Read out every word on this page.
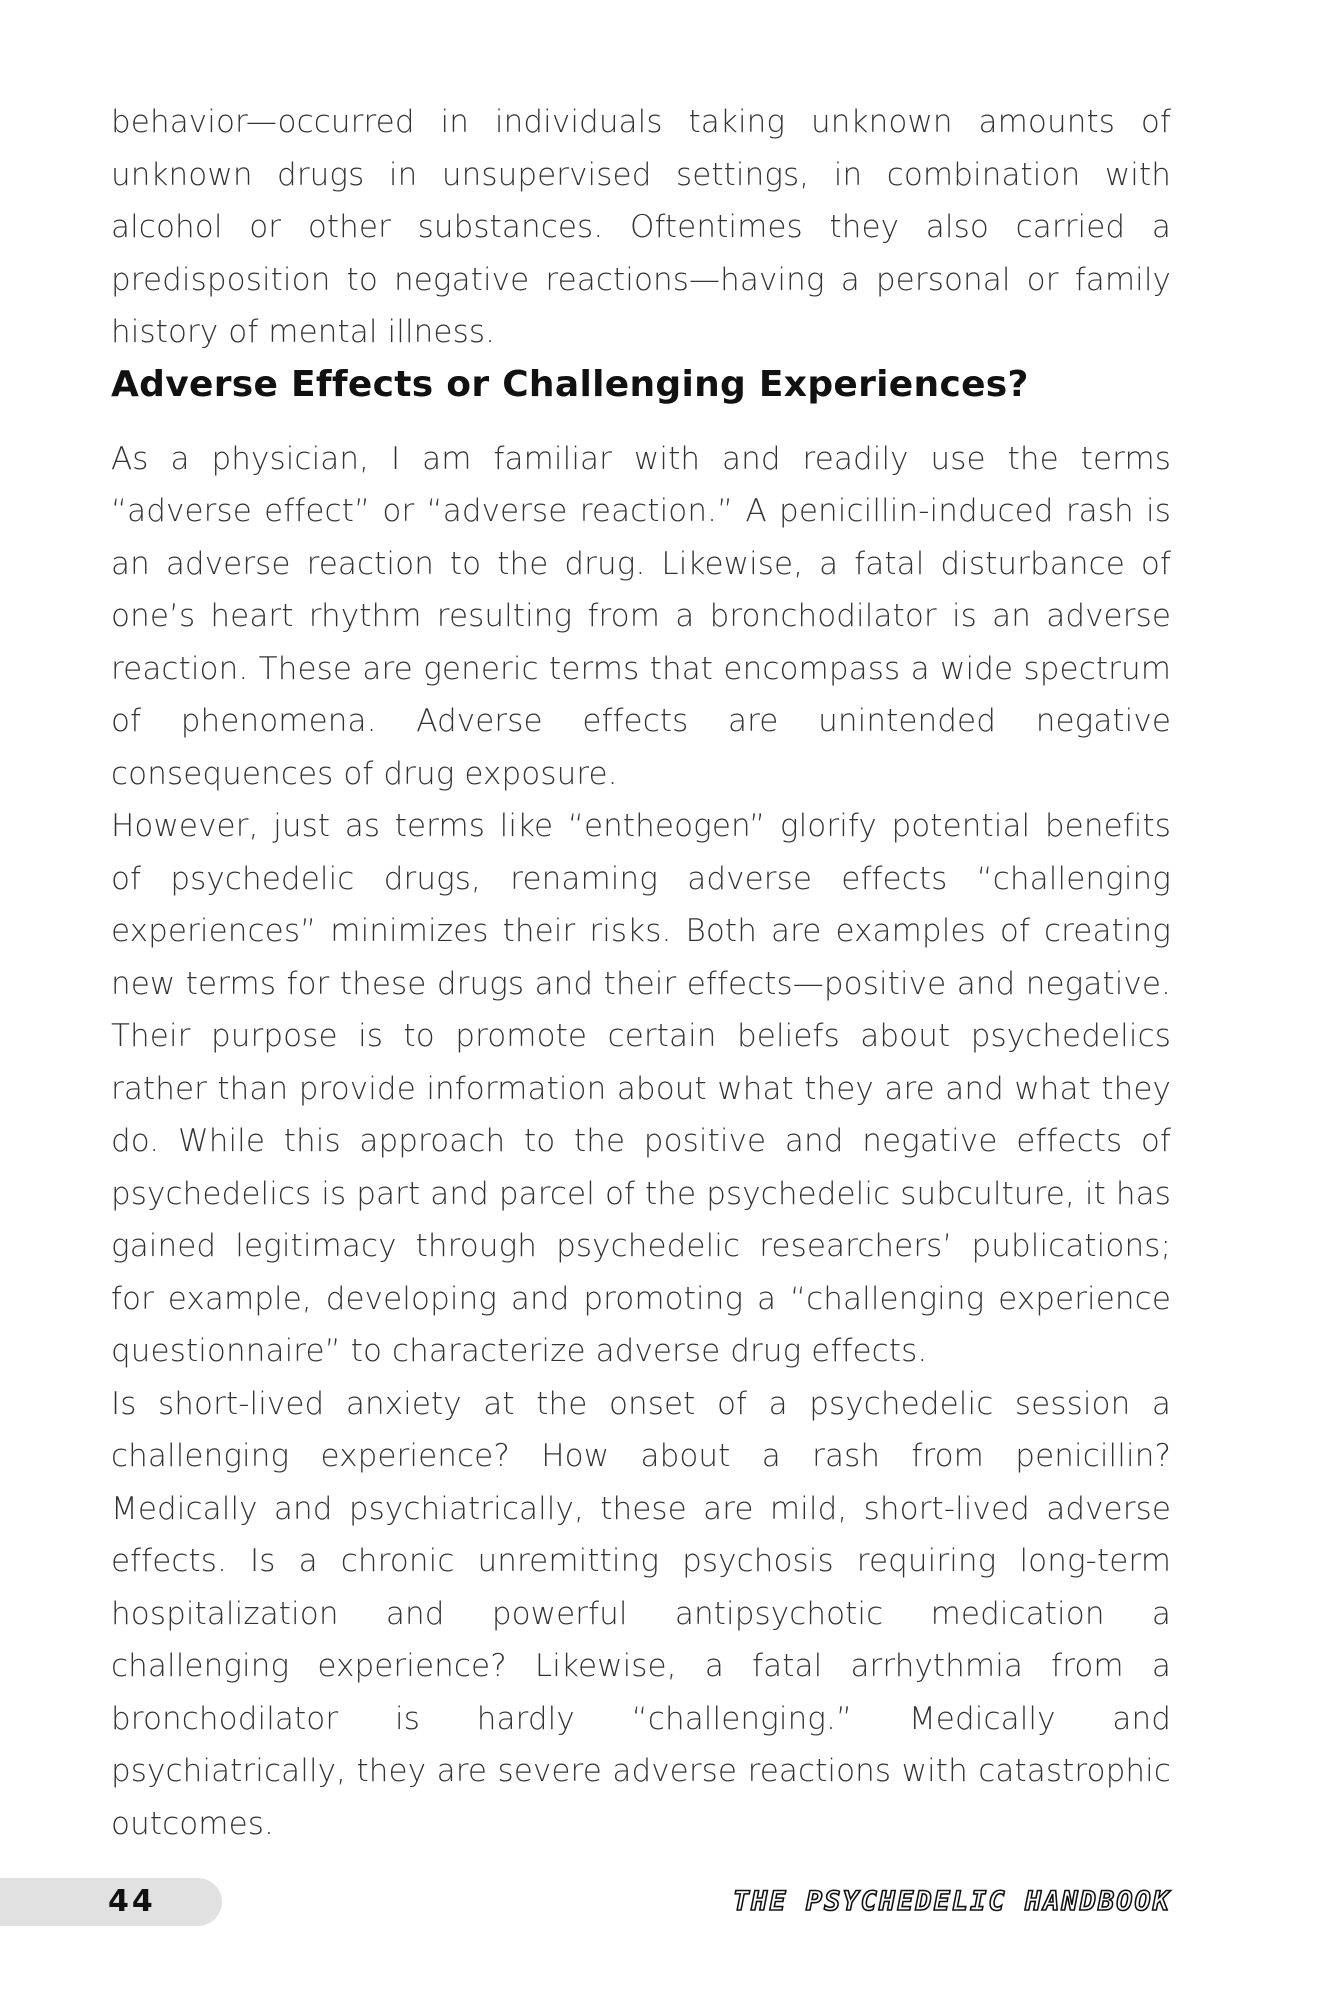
behavior—occurred in individuals taking unknown amounts of unknown drugs in unsupervised settings, in combination with alcohol or other substances. Oftentimes they also carried a predisposition to negative reactions—having a personal or family history of mental illness.

Adverse Effects or Challenging Experiences?

As a physician, I am familiar with and readily use the terms “adverse effect” or “adverse reaction.” A penicillin-induced rash is an adverse reaction to the drug. Likewise, a fatal disturbance of one’s heart rhythm resulting from a bronchodilator is an adverse reaction. These are generic terms that encompass a wide spectrum of phenomena. Adverse effects are unintended negative consequences of drug exposure.

However, just as terms like “entheogen” glorify potential benefits of psychedelic drugs, renaming adverse effects “challenging experiences” minimizes their risks. Both are examples of creating new terms for these drugs and their effects—positive and negative. Their purpose is to promote certain beliefs about psychedelics rather than provide information about what they are and what they do. While this approach to the positive and negative effects of psychedelics is part and parcel of the psychedelic subculture, it has gained legitimacy through psychedelic researchers’ publications; for example, developing and promoting a “challenging experience questionnaire” to characterize adverse drug effects.

Is short-lived anxiety at the onset of a psychedelic session a challenging experience? How about a rash from penicillin? Medically and psychiatrically, these are mild, short-lived adverse effects. Is a chronic unremitting psychosis requiring long-term hospitalization and powerful antipsychotic medication a challenging experience? Likewise, a fatal arrhythmia from a bronchodilator is hardly “challenging.” Medically and psychiatrically, they are severe adverse reactions with catastrophic outcomes.

44	THE PSYCHEDELIC HANDBOOK
